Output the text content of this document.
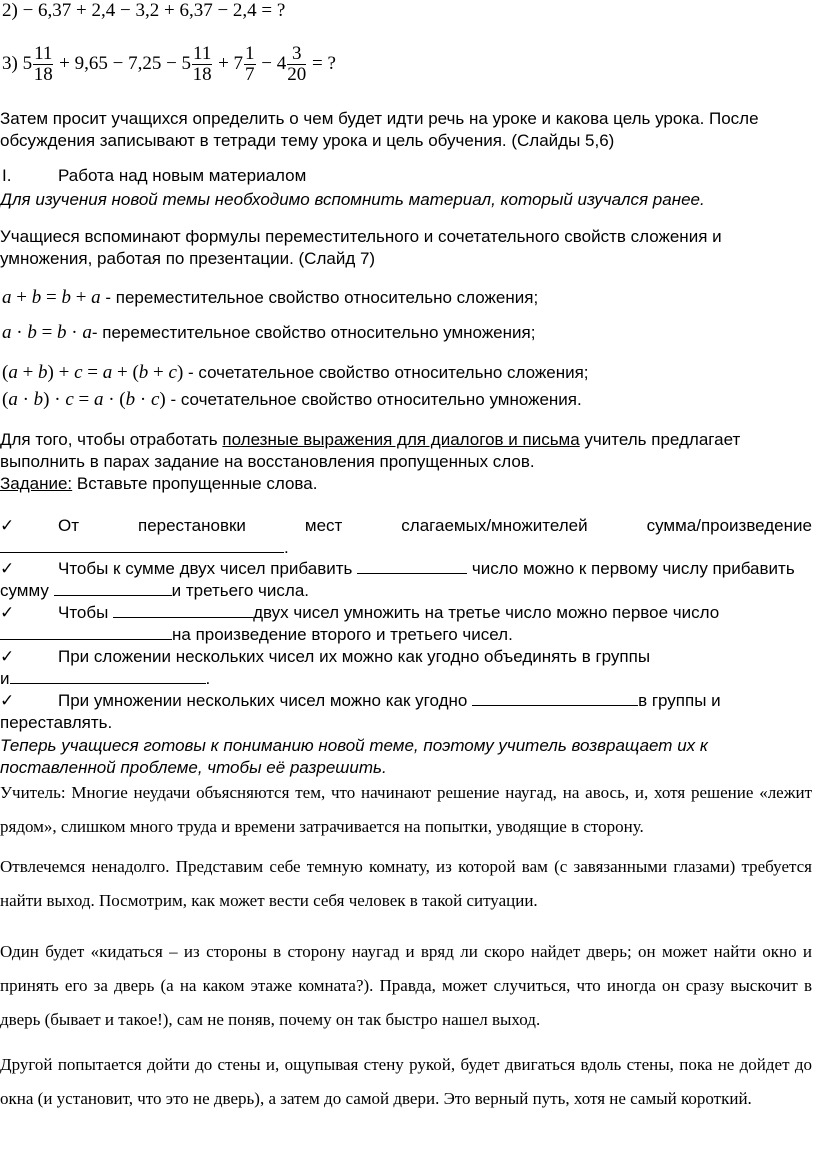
2) − 6,37 + 2,4 − 3,2 + 6,37 − 2,4 = ?
3) $5 \frac{11}{18} + 9,65 - 7,25 - 5 \frac{11}{18} + 7 \frac{1}{7} - 4 \frac{3}{20}$ = ?
Затем просит учащихся определить о чем будет идти речь на уроке и какова цель урока. После обсуждения записывают в тетради тему урока и цель обучения. (Слайды 5,6)
I.	Работа над новым материалом
Для изучения новой темы необходимо вспомнить материал, который изучался ранее.
Учащиеся вспоминают формулы переместительного и сочетательного свойств сложения и умножения, работая по презентации. (Слайд 7)
a + b = b + a - переместительное свойство относительно сложения;
a · b = b · a- переместительное свойство относительно умножения;
(a + b) + c = a + (b + c) - сочетательное свойство относительно сложения;
(a · b) · c = a · (b · c) - сочетательное свойство относительно умножения.
Для того, чтобы отработать полезные выражения для диалогов и письма учитель предлагает выполнить в парах задание на восстановления пропущенных слов.
Задание: Вставьте пропущенные слова.
✓	От	перестановки	мест	слагаемых/множителей	сумма/произведение
.
✓	Чтобы к сумме двух чисел прибавить	число можно к первому числу прибавить
сумму	и третьего числа.
✓	Чтобы	двух чисел умножить на третье число можно первое число
на произведение второго и третьего чисел.
✓	При сложении нескольких чисел их можно как угодно объединять в группы
и	.
✓	При умножении нескольких чисел можно как угодно	в группы и
переставлять.
Теперь учащиеся готовы к пониманию новой теме, поэтому учитель возвращает их к поставленной проблеме, чтобы её разрешить.
Учитель: Многие неудачи объясняются тем, что начинают решение наугад, на авось, и, хотя решение «лежит рядом», слишком много труда и времени затрачивается на попытки, уводящие в сторону.
Отвлечемся ненадолго. Представим себе темную комнату, из которой вам (с завязанными глазами) требуется найти выход. Посмотрим, как может вести себя человек в такой ситуации.
Один будет «кидаться – из стороны в сторону наугад и вряд ли скоро найдет дверь; он может найти окно и принять его за дверь (а на каком этаже комната?). Правда, может случиться, что иногда он сразу выскочит в дверь (бывает и такое!), сам не поняв, почему он так быстро нашел выход.
Другой попытается дойти до стены и, ощупывая стену рукой, будет двигаться вдоль стены, пока не дойдет до окна (и установит, что это не дверь), а затем до самой двери. Это верный путь, хотя не самый короткий.
